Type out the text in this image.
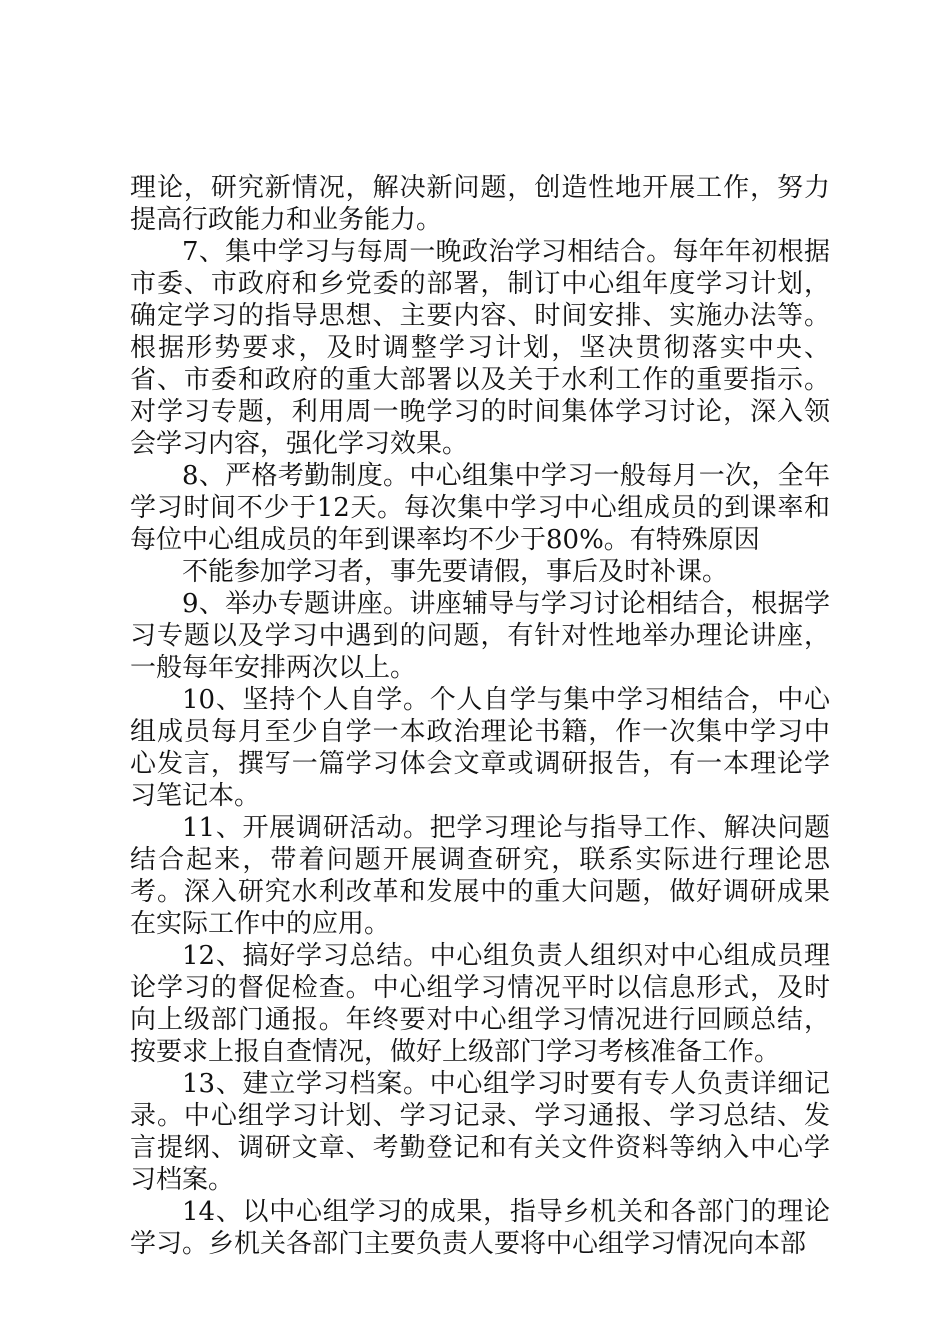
理论，研究新情况，解决新问题，创造性地开展工作，努力提高行政能力和业务能力。

7、集中学习与每周一晚政治学习相结合。每年年初根据市委、市政府和乡党委的部署，制订中心组年度学习计划，确定学习的指导思想、主要内容、时间安排、实施办法等。根据形势要求，及时调整学习计划，坚决贯彻落实中央、省、市委和政府的重大部署以及关于水利工作的重要指示。对学习专题，利用周一晚学习的时间集体学习讨论，深入领会学习内容，强化学习效果。

8、严格考勤制度。中心组集中学习一般每月一次，全年学习时间不少于12天。每次集中学习中心组成员的到课率和每位中心组成员的年到课率均不少于80%。有特殊原因

不能参加学习者，事先要请假，事后及时补课。

9、举办专题讲座。讲座辅导与学习讨论相结合，根据学习专题以及学习中遇到的问题，有针对性地举办理论讲座，一般每年安排两次以上。

10、坚持个人自学。个人自学与集中学习相结合，中心组成员每月至少自学一本政治理论书籍，作一次集中学习中心发言，撰写一篇学习体会文章或调研报告，有一本理论学习笔记本。

11、开展调研活动。把学习理论与指导工作、解决问题结合起来，带着问题开展调查研究，联系实际进行理论思考。深入研究水利改革和发展中的重大问题，做好调研成果在实际工作中的应用。

12、搞好学习总结。中心组负责人组织对中心组成员理论学习的督促检查。中心组学习情况平时以信息形式，及时向上级部门通报。年终要对中心组学习情况进行回顾总结，按要求上报自查情况，做好上级部门学习考核准备工作。

13、建立学习档案。中心组学习时要有专人负责详细记录。中心组学习计划、学习记录、学习通报、学习总结、发言提纲、调研文章、考勤登记和有关文件资料等纳入中心学习档案。

14、以中心组学习的成果，指导乡机关和各部门的理论学习。乡机关各部门主要负责人要将中心组学习情况向本部
